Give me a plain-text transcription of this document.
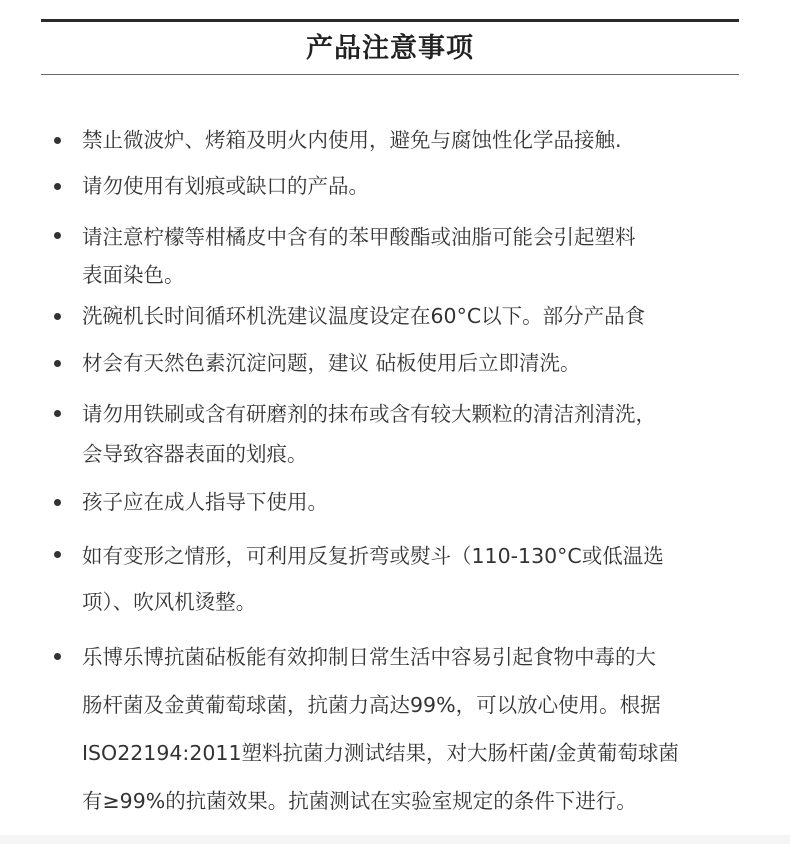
产品注意事项
禁止微波炉、烤箱及明火内使用，避免与腐蚀性化学品接触.
请勿使用有划痕或缺口的产品。
请注意柠檬等柑橘皮中含有的苯甲酸酯或油脂可能会引起塑料
表面染色。
洗碗机长时间循环机洗建议温度设定在60°C以下。部分产品食
材会有天然色素沉淀问题，建议 砧板使用后立即清洗。
请勿用铁刷或含有研磨剂的抹布或含有较大颗粒的清洁剂清洗，
会导致容器表面的划痕。
孩子应在成人指导下使用。
如有变形之情形，可利用反复折弯或熨斗（110-130°C或低温选
项）、吹风机烫整。
乐博乐博抗菌砧板能有效抑制日常生活中容易引起食物中毒的大
肠杆菌及金黄葡萄球菌，抗菌力高达99%，可以放心使用。根据
ISO22194:2011塑料抗菌力测试结果，对大肠杆菌/金黄葡萄球菌
有≥99%的抗菌效果。抗菌测试在实验室规定的条件下进行。
